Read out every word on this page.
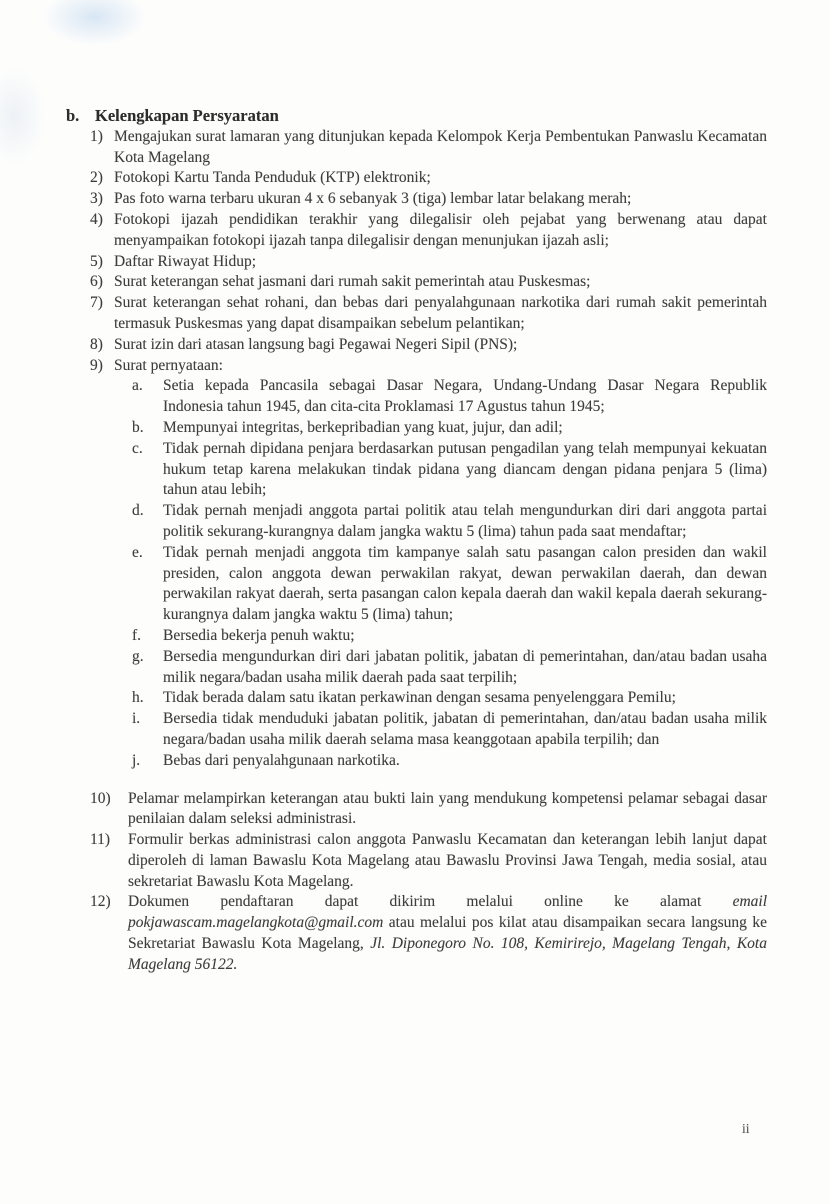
b. Kelengkapan Persyaratan
1) Mengajukan surat lamaran yang ditunjukan kepada Kelompok Kerja Pembentukan Panwaslu Kecamatan Kota Magelang
2) Fotokopi Kartu Tanda Penduduk (KTP) elektronik;
3) Pas foto warna terbaru ukuran 4 x 6 sebanyak 3 (tiga) lembar latar belakang merah;
4) Fotokopi ijazah pendidikan terakhir yang dilegalisir oleh pejabat yang berwenang atau dapat menyampaikan fotokopi ijazah tanpa dilegalisir dengan menunjukan ijazah asli;
5) Daftar Riwayat Hidup;
6) Surat keterangan sehat jasmani dari rumah sakit pemerintah atau Puskesmas;
7) Surat keterangan sehat rohani, dan bebas dari penyalahgunaan narkotika dari rumah sakit pemerintah termasuk Puskesmas yang dapat disampaikan sebelum pelantikan;
8) Surat izin dari atasan langsung bagi Pegawai Negeri Sipil (PNS);
9) Surat pernyataan:
a.	Setia kepada Pancasila sebagai Dasar Negara, Undang-Undang Dasar Negara Republik Indonesia tahun 1945, dan cita-cita Proklamasi 17 Agustus tahun 1945;
b.	Mempunyai integritas, berkepribadian yang kuat, jujur, dan adil;
c.	Tidak pernah dipidana penjara berdasarkan putusan pengadilan yang telah mempunyai kekuatan hukum tetap karena melakukan tindak pidana yang diancam dengan pidana penjara 5 (lima) tahun atau lebih;
d.	Tidak pernah menjadi anggota partai politik atau telah mengundurkan diri dari anggota partai politik sekurang-kurangnya dalam jangka waktu 5 (lima) tahun pada saat mendaftar;
e.	Tidak pernah menjadi anggota tim kampanye salah satu pasangan calon presiden dan wakil presiden, calon anggota dewan perwakilan rakyat, dewan perwakilan daerah, dan dewan perwakilan rakyat daerah, serta pasangan calon kepala daerah dan wakil kepala daerah sekurang-kurangnya dalam jangka waktu 5 (lima) tahun;
f.	Bersedia bekerja penuh waktu;
g.	Bersedia mengundurkan diri dari jabatan politik, jabatan di pemerintahan, dan/atau badan usaha milik negara/badan usaha milik daerah pada saat terpilih;
h.	Tidak berada dalam satu ikatan perkawinan dengan sesama penyelenggara Pemilu;
i.	Bersedia tidak menduduki jabatan politik, jabatan di pemerintahan, dan/atau badan usaha milik negara/badan usaha milik daerah selama masa keanggotaan apabila terpilih; dan
j.	Bebas dari penyalahgunaan narkotika.
10)	Pelamar melampirkan keterangan atau bukti lain yang mendukung kompetensi pelamar sebagai dasar penilaian dalam seleksi administrasi.
11)	Formulir berkas administrasi calon anggota Panwaslu Kecamatan dan keterangan lebih lanjut dapat diperoleh di laman Bawaslu Kota Magelang atau Bawaslu Provinsi Jawa Tengah, media sosial, atau sekretariat Bawaslu Kota Magelang.
12)	Dokumen pendaftaran dapat dikirim melalui online ke alamat email pokjawascam.magelangkota@gmail.com atau melalui pos kilat atau disampaikan secara langsung ke Sekretariat Bawaslu Kota Magelang, Jl. Diponegoro No. 108, Kemirirejo, Magelang Tengah, Kota Magelang 56122.
ii
